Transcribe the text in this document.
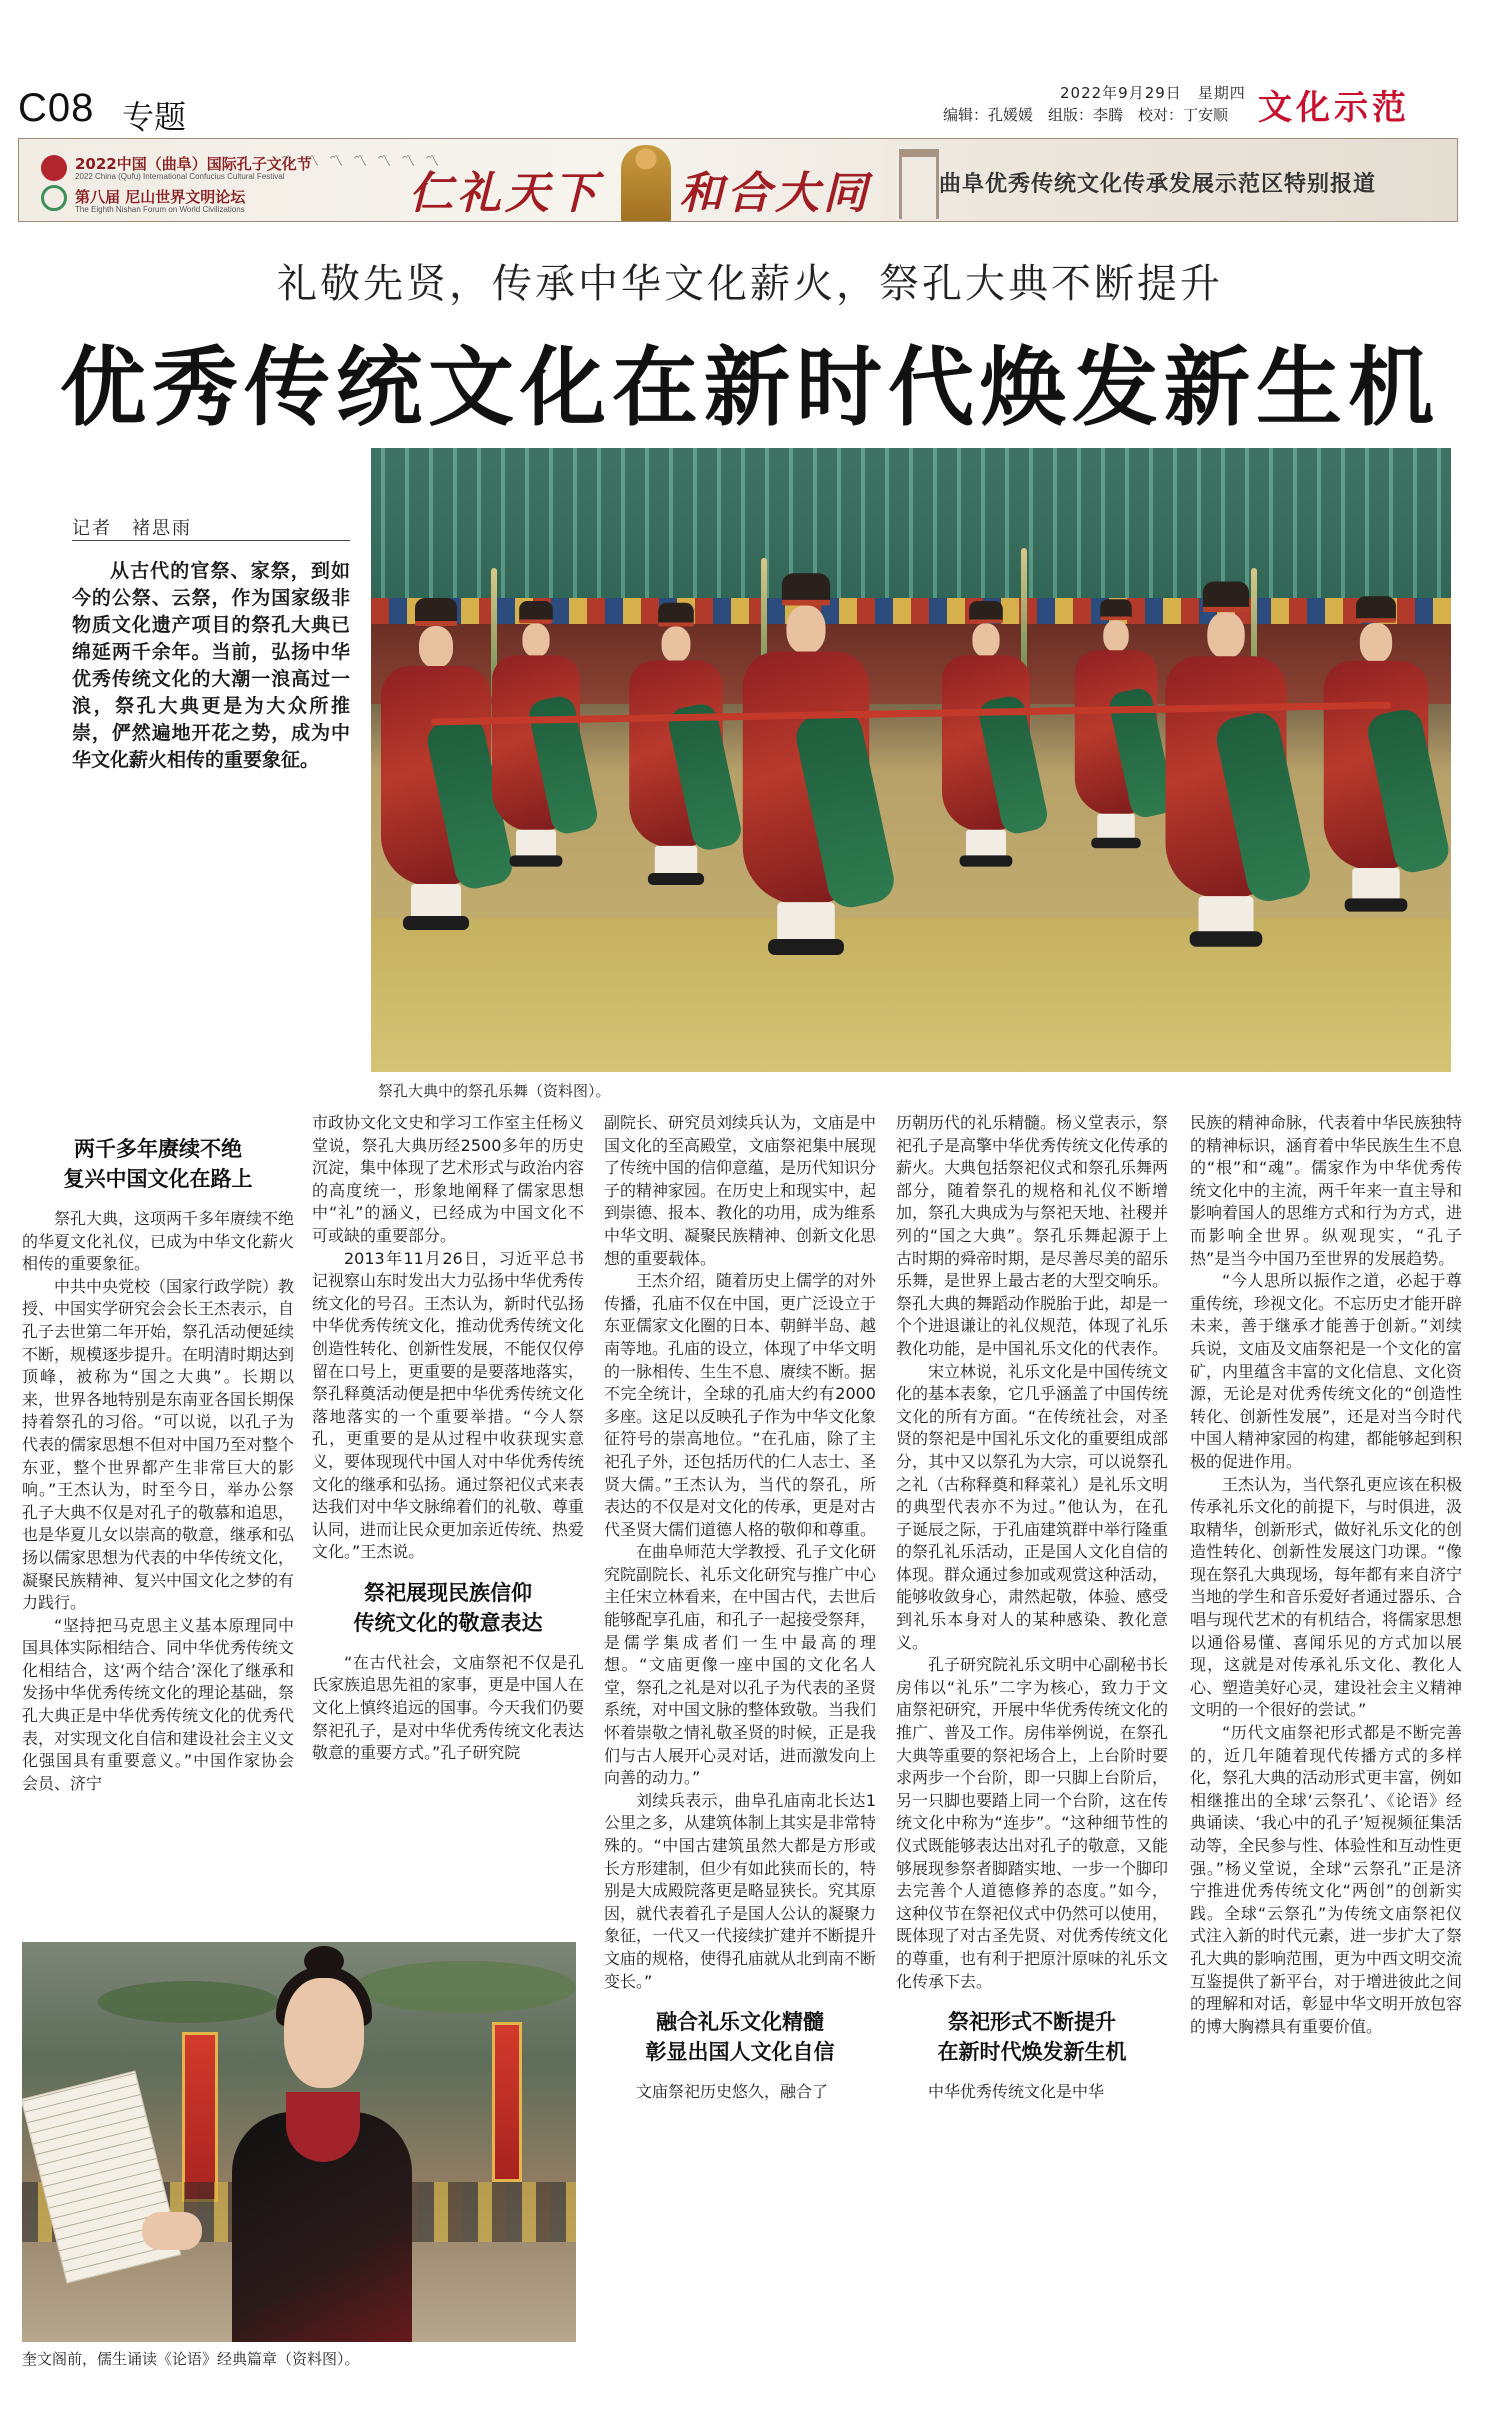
C08 专题
2022年9月29日　星期四
编辑：孔媛媛　组版：李腾　校对：丁安顺 文化示范
2022中国（曲阜）国际孔子文化节
2022 China (Qufu) International Confucius Cultural Festival
第八届 尼山世界文明论坛
The Eighth Nishan Forum on World Civilizations
〽〽〽〽〽〽〽
仁礼天下 和合大同	曲阜优秀传统文化传承发展示范区特别报道
礼敬先贤，传承中华文化薪火，祭孔大典不断提升
优秀传统文化在新时代焕发新生机
记者　褚思雨
从古代的官祭、家祭，到如今的公祭、云祭，作为国家级非物质文化遗产项目的祭孔大典已绵延两千余年。当前，弘扬中华优秀传统文化的大潮一浪高过一浪，祭孔大典更是为大众所推崇，俨然遍地开花之势，成为中华文化薪火相传的重要象征。
祭孔大典中的祭孔乐舞（资料图）。
两千多年赓续不绝
复兴中国文化在路上

祭孔大典，这项两千多年赓续不绝的华夏文化礼仪，已成为中华文化薪火相传的重要象征。

中共中央党校（国家行政学院）教授、中国实学研究会会长王杰表示，自孔子去世第二年开始，祭孔活动便延续不断，规模逐步提升。在明清时期达到顶峰，被称为“国之大典”。长期以来，世界各地特别是东南亚各国长期保持着祭孔的习俗。“可以说，以孔子为代表的儒家思想不但对中国乃至对整个东亚，整个世界都产生非常巨大的影响。”王杰认为，时至今日，举办公祭孔子大典不仅是对孔子的敬慕和追思，也是华夏儿女以崇高的敬意，继承和弘扬以儒家思想为代表的中华传统文化，凝聚民族精神、复兴中国文化之梦的有力践行。

“坚持把马克思主义基本原理同中国具体实际相结合、同中华优秀传统文化相结合，这‘两个结合’深化了继承和发扬中华优秀传统文化的理论基础，祭孔大典正是中华优秀传统文化的优秀代表，对实现文化自信和建设社会主义文化强国具有重要意义。”中国作家协会会员、济宁

市政协文化文史和学习工作室主任杨义堂说，祭孔大典历经2500多年的历史沉淀，集中体现了艺术形式与政治内容的高度统一，形象地阐释了儒家思想中“礼”的涵义，已经成为中国文化不可或缺的重要部分。

2013年11月26日，习近平总书记视察山东时发出大力弘扬中华优秀传统文化的号召。王杰认为，新时代弘扬中华优秀传统文化，推动优秀传统文化创造性转化、创新性发展，不能仅仅停留在口号上，更重要的是要落地落实，祭孔释奠活动便是把中华优秀传统文化落地落实的一个重要举措。“今人祭孔，更重要的是从过程中收获现实意义，要体现现代中国人对中华优秀传统文化的继承和弘扬。通过祭祀仪式来表达我们对中华文脉绵着们的礼敬、尊重认同，进而让民众更加亲近传统、热爱文化。”王杰说。

祭祀展现民族信仰
传统文化的敬意表达

“在古代社会，文庙祭祀不仅是孔氏家族追思先祖的家事，更是中国人在文化上慎终追远的国事。今天我们仍要祭祀孔子，是对中华优秀传统文化表达敬意的重要方式。”孔子研究院

副院长、研究员刘续兵认为，文庙是中国文化的至高殿堂，文庙祭祀集中展现了传统中国的信仰意蕴，是历代知识分子的精神家园。在历史上和现实中，起到崇德、报本、教化的功用，成为维系中华文明、凝聚民族精神、创新文化思想的重要载体。

王杰介绍，随着历史上儒学的对外传播，孔庙不仅在中国，更广泛设立于东亚儒家文化圈的日本、朝鲜半岛、越南等地。孔庙的设立，体现了中华文明的一脉相传、生生不息、赓续不断。据不完全统计，全球的孔庙大约有2000多座。这足以反映孔子作为中华文化象征符号的崇高地位。“在孔庙，除了主祀孔子外，还包括历代的仁人志士、圣贤大儒。”王杰认为，当代的祭孔，所表达的不仅是对文化的传承，更是对古代圣贤大儒们道德人格的敬仰和尊重。

在曲阜师范大学教授、孔子文化研究院副院长、礼乐文化研究与推广中心主任宋立林看来，在中国古代，去世后能够配享孔庙，和孔子一起接受祭拜，是儒学集成者们一生中最高的理想。“文庙更像一座中国的文化名人堂，祭孔之礼是对以孔子为代表的圣贤系统，对中国文脉的整体致敬。当我们怀着崇敬之情礼敬圣贤的时候，正是我们与古人展开心灵对话，进而激发向上向善的动力。”

刘续兵表示，曲阜孔庙南北长达1公里之多，从建筑体制上其实是非常特殊的。“中国古建筑虽然大都是方形或长方形建制，但少有如此狭而长的，特别是大成殿院落更是略显狭长。究其原因，就代表着孔子是国人公认的凝聚力象征，一代又一代接续扩建并不断提升文庙的规格，使得孔庙就从北到南不断变长。”

融合礼乐文化精髓
彰显出国人文化自信

文庙祭祀历史悠久，融合了

历朝历代的礼乐精髓。杨义堂表示，祭祀孔子是高擎中华优秀传统文化传承的薪火。大典包括祭祀仪式和祭孔乐舞两部分，随着祭孔的规格和礼仪不断增加，祭孔大典成为与祭祀天地、社稷并列的“国之大典”。祭孔乐舞起源于上古时期的舜帝时期，是尽善尽美的韶乐乐舞，是世界上最古老的大型交响乐。祭孔大典的舞蹈动作脱胎于此，却是一个个进退谦让的礼仪规范，体现了礼乐教化功能，是中国礼乐文化的代表作。

宋立林说，礼乐文化是中国传统文化的基本表象，它几乎涵盖了中国传统文化的所有方面。“在传统社会，对圣贤的祭祀是中国礼乐文化的重要组成部分，其中又以祭孔为大宗，可以说祭孔之礼（古称释奠和释菜礼）是礼乐文明的典型代表亦不为过。”他认为，在孔子诞辰之际，于孔庙建筑群中举行隆重的祭孔礼乐活动，正是国人文化自信的体现。群众通过参加或观赏这种活动，能够收敛身心，肃然起敬，体验、感受到礼乐本身对人的某种感染、教化意义。

孔子研究院礼乐文明中心副秘书长房伟以“礼乐”二字为核心，致力于文庙祭祀研究，开展中华优秀传统文化的推广、普及工作。房伟举例说，在祭孔大典等重要的祭祀场合上，上台阶时要求两步一个台阶，即一只脚上台阶后，另一只脚也要踏上同一个台阶，这在传统文化中称为“连步”。“这种细节性的仪式既能够表达出对孔子的敬意，又能够展现参祭者脚踏实地、一步一个脚印去完善个人道德修养的态度。”如今，这种仪节在祭祀仪式中仍然可以使用，既体现了对古圣先贤、对优秀传统文化的尊重，也有利于把原汁原味的礼乐文化传承下去。

祭祀形式不断提升
在新时代焕发新生机

中华优秀传统文化是中华

民族的精神命脉，代表着中华民族独特的精神标识，涵育着中华民族生生不息的“根”和“魂”。儒家作为中华优秀传统文化中的主流，两千年来一直主导和影响着国人的思维方式和行为方式，进而影响全世界。纵观现实，“孔子热”是当今中国乃至世界的发展趋势。

“今人思所以振作之道，必起于尊重传统，珍视文化。不忘历史才能开辟未来，善于继承才能善于创新。”刘续兵说，文庙及文庙祭祀是一个文化的富矿，内里蕴含丰富的文化信息、文化资源，无论是对优秀传统文化的“创造性转化、创新性发展”，还是对当今时代中国人精神家园的构建，都能够起到积极的促进作用。

王杰认为，当代祭孔更应该在积极传承礼乐文化的前提下，与时俱进，汲取精华，创新形式，做好礼乐文化的创造性转化、创新性发展这门功课。“像现在祭孔大典现场，每年都有来自济宁当地的学生和音乐爱好者通过器乐、合唱与现代艺术的有机结合，将儒家思想以通俗易懂、喜闻乐见的方式加以展现，这就是对传承礼乐文化、教化人心、塑造美好心灵，建设社会主义精神文明的一个很好的尝试。”

“历代文庙祭祀形式都是不断完善的，近几年随着现代传播方式的多样化，祭孔大典的活动形式更丰富，例如相继推出的全球‘云祭孔’、《论语》经典诵读、‘我心中的孔子’短视频征集活动等，全民参与性、体验性和互动性更强。”杨义堂说，全球“云祭孔”正是济宁推进优秀传统文化“两创”的创新实践。全球“云祭孔”为传统文庙祭祀仪式注入新的时代元素，进一步扩大了祭孔大典的影响范围，更为中西文明交流互鉴提供了新平台，对于增进彼此之间的理解和对话，彰显中华文明开放包容的博大胸襟具有重要价值。

奎文阁前，儒生诵读《论语》经典篇章（资料图）。
